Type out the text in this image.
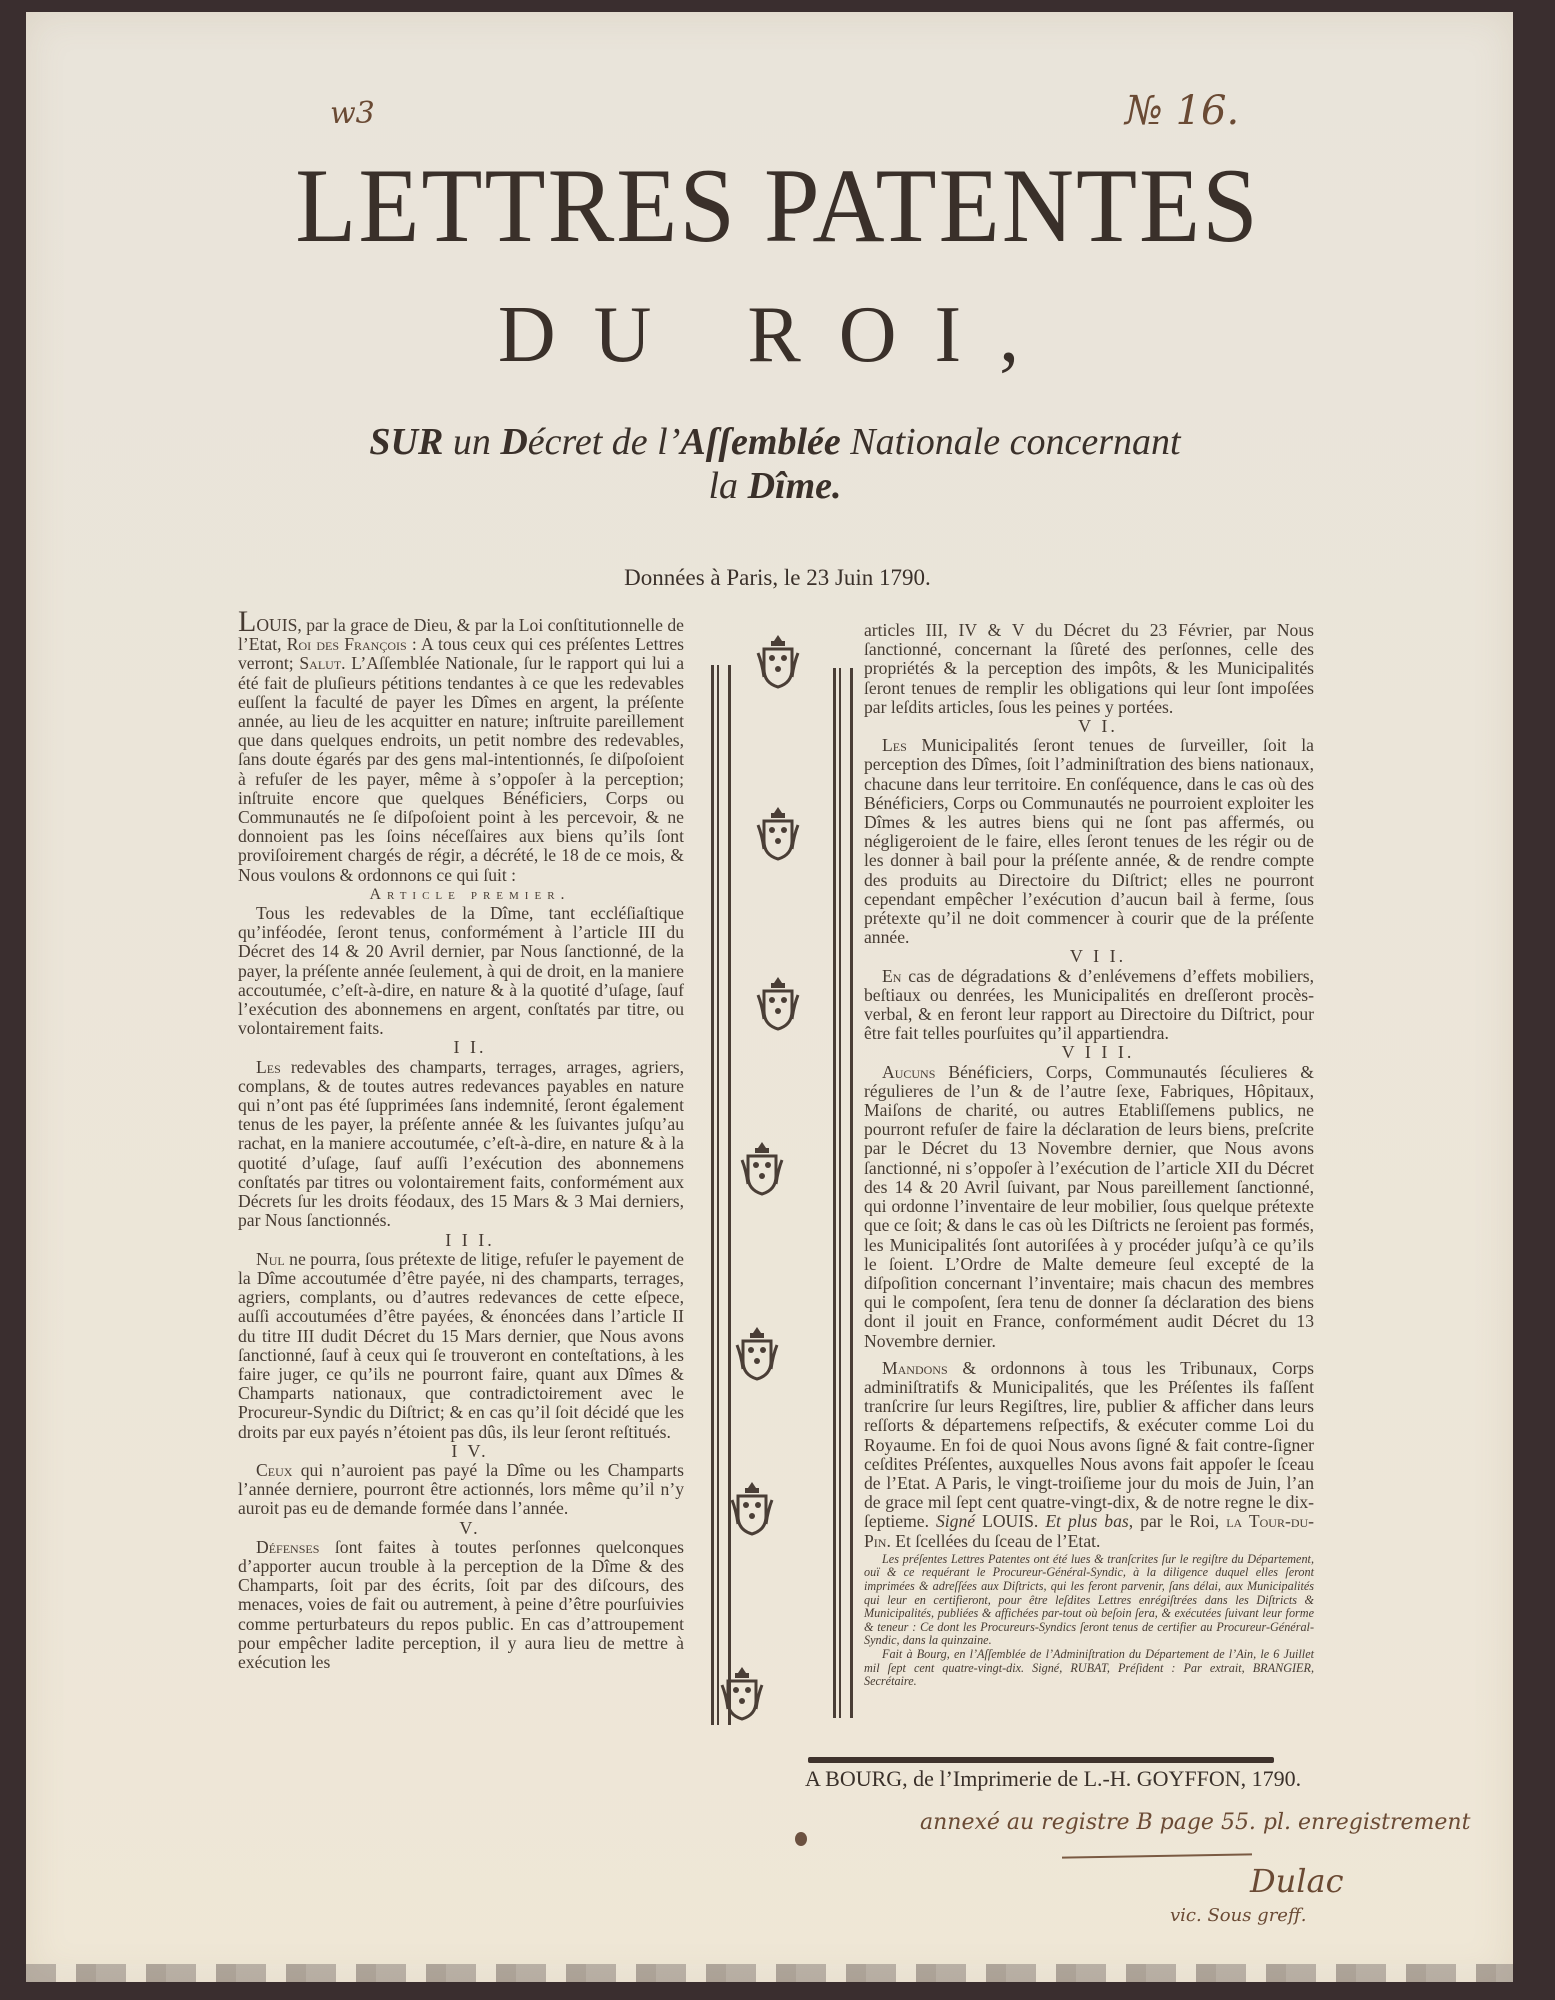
w3	№ 16.
LETTRES PATENTES
DU ROI,
SUR un Décret de l’Aſſemblée Nationale concernant
la Dîme.
Données à Paris, le 23 Juin 1790.

LOUIS, par la grace de Dieu, & par la Loi conſtitutionnelle de l’Etat, Roi des François : A tous ceux qui ces préſentes Lettres verront; Salut. L’Aſſemblée Nationale, ſur le rapport qui lui a été fait de pluſieurs pétitions tendantes à ce que les redevables euſſent la faculté de payer les Dîmes en argent, la préſente année, au lieu de les acquitter en nature; inſtruite pareillement que dans quelques endroits, un petit nombre des redevables, ſans doute égarés par des gens mal-intentionnés, ſe diſpoſoient à refuſer de les payer, même à s’oppoſer à la perception; inſtruite encore que quelques Bénéficiers, Corps ou Communautés ne ſe diſpoſoient point à les percevoir, & ne donnoient pas les ſoins néceſſaires aux biens qu’ils ſont proviſoirement chargés de régir, a décrété, le 18 de ce mois, & Nous voulons & ordonnons ce qui ſuit :

Article premier.

Tous les redevables de la Dîme, tant eccléſiaſtique qu’inféodée, ſeront tenus, conformément à l’article III du Décret des 14 & 20 Avril dernier, par Nous ſanctionné, de la payer, la préſente année ſeulement, à qui de droit, en la maniere accoutumée, c’eſt-à-dire, en nature & à la quotité d’uſage, ſauf l’exécution des abonnemens en argent, conſtatés par titre, ou volontairement faits.

I I.

Les redevables des champarts, terrages, arrages, agriers, complans, & de toutes autres redevances payables en nature qui n’ont pas été ſupprimées ſans indemnité, ſeront également tenus de les payer, la préſente année & les ſuivantes juſqu’au rachat, en la maniere accoutumée, c’eſt-à-dire, en nature & à la quotité d’uſage, ſauf auſſi l’exécution des abonnemens conſtatés par titres ou volontairement faits, conformément aux Décrets ſur les droits féodaux, des 15 Mars & 3 Mai derniers, par Nous ſanctionnés.

I I I.

Nul ne pourra, ſous prétexte de litige, refuſer le payement de la Dîme accoutumée d’être payée, ni des champarts, terrages, agriers, complants, ou d’autres redevances de cette eſpece, auſſi accoutumées d’être payées, & énoncées dans l’article II du titre III dudit Décret du 15 Mars dernier, que Nous avons ſanctionné, ſauf à ceux qui ſe trouveront en conteſtations, à les faire juger, ce qu’ils ne pourront faire, quant aux Dîmes & Champarts nationaux, que contradictoirement avec le Procureur-Syndic du Diſtrict; & en cas qu’il ſoit décidé que les droits par eux payés n’étoient pas dûs, ils leur ſeront reſtitués.

I V.

Ceux qui n’auroient pas payé la Dîme ou les Champarts l’année derniere, pourront être actionnés, lors même qu’il n’y auroit pas eu de demande formée dans l’année.

V.

Défenses ſont faites à toutes perſonnes quelconques d’apporter aucun trouble à la perception de la Dîme & des Champarts, ſoit par des écrits, ſoit par des diſcours, des menaces, voies de fait ou autrement, à peine d’être pourſuivies comme perturbateurs du repos public. En cas d’attroupement pour empêcher ladite perception, il y aura lieu de mettre à exécution les

articles III, IV & V du Décret du 23 Février, par Nous ſanctionné, concernant la ſûreté des perſonnes, celle des propriétés & la perception des impôts, & les Municipalités ſeront tenues de remplir les obligations qui leur ſont impoſées par leſdits articles, ſous les peines y portées.

V I.

Les Municipalités ſeront tenues de ſurveiller, ſoit la perception des Dîmes, ſoit l’adminiſtration des biens nationaux, chacune dans leur territoire. En conſéquence, dans le cas où des Bénéficiers, Corps ou Communautés ne pourroient exploiter les Dîmes & les autres biens qui ne ſont pas affermés, ou négligeroient de le faire, elles ſeront tenues de les régir ou de les donner à bail pour la préſente année, & de rendre compte des produits au Directoire du Diſtrict; elles ne pourront cependant empêcher l’exécution d’aucun bail à ferme, ſous prétexte qu’il ne doit commencer à courir que de la préſente année.

V I I.

En cas de dégradations & d’enlévemens d’effets mobiliers, beſtiaux ou denrées, les Municipalités en dreſſeront procès-verbal, & en feront leur rapport au Directoire du Diſtrict, pour être fait telles pourſuites qu’il appartiendra.

V I I I.

Aucuns Bénéficiers, Corps, Communautés ſéculieres & régulieres de l’un & de l’autre ſexe, Fabriques, Hôpitaux, Maiſons de charité, ou autres Etabliſſemens publics, ne pourront refuſer de faire la déclaration de leurs biens, preſcrite par le Décret du 13 Novembre dernier, que Nous avons ſanctionné, ni s’oppoſer à l’exécution de l’article XII du Décret des 14 & 20 Avril ſuivant, par Nous pareillement ſanctionné, qui ordonne l’inventaire de leur mobilier, ſous quelque prétexte que ce ſoit; & dans le cas où les Diſtricts ne ſeroient pas formés, les Municipalités ſont autoriſées à y procéder juſqu’à ce qu’ils le ſoient. L’Ordre de Malte demeure ſeul excepté de la diſpoſition concernant l’inventaire; mais chacun des membres qui le compoſent, ſera tenu de donner ſa déclaration des biens dont il jouit en France, conformément audit Décret du 13 Novembre dernier.

Mandons & ordonnons à tous les Tribunaux, Corps adminiſtratifs & Municipalités, que les Préſentes ils faſſent tranſcrire ſur leurs Regiſtres, lire, publier & afficher dans leurs reſſorts & départemens reſpectifs, & exécuter comme Loi du Royaume. En foi de quoi Nous avons ſigné & fait contre-ſigner ceſdites Préſentes, auxquelles Nous avons fait appoſer le ſceau de l’Etat. A Paris, le vingt-troiſieme jour du mois de Juin, l’an de grace mil ſept cent quatre-vingt-dix, & de notre regne le dix-ſeptieme. Signé LOUIS. Et plus bas, par le Roi, la Tour-du-Pin. Et ſcellées du ſceau de l’Etat.

Les préſentes Lettres Patentes ont été lues & tranſcrites ſur le regiſtre du Département, ouï & ce requérant le Procureur-Général-Syndic, à la diligence duquel elles ſeront imprimées & adreſſées aux Diſtricts, qui les feront parvenir, ſans délai, aux Municipalités qui leur en certifieront, pour être leſdites Lettres enrégiſtrées dans les Diſtricts & Municipalités, publiées & affichées par-tout où beſoin ſera, & exécutées ſuivant leur forme & teneur : Ce dont les Procureurs-Syndics ſeront tenus de certifier au Procureur-Général-Syndic, dans la quinzaine.

Fait à Bourg, en l’Aſſemblée de l’Adminiſtration du Département de l’Ain, le 6 Juillet mil ſept cent quatre-vingt-dix. Signé, RUBAT, Préſident : Par extrait, BRANGIER, Secrétaire.

A BOURG, de l’Imprimerie de L.-H. GOYFFON, 1790.
annexé au registre B page 55. pl. enregistrement
Dulac
vic. Sous greff.
